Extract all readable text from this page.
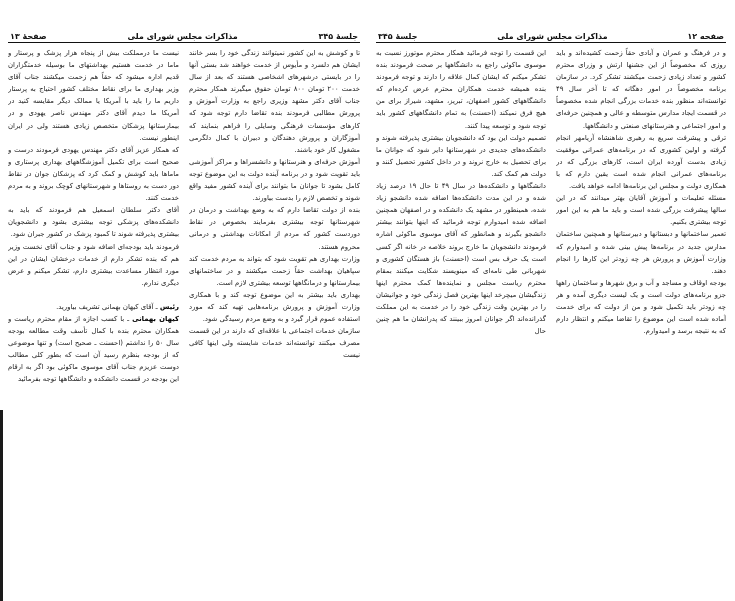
جلسهٔ ۳۴۵
مذاکرات مجلس شورای ملی
صفحهٔ ۱۳

تا و کوشش به این کشور نمیتوانند زندگی خود را بسر خانند ایشان هم دلسرد و مأیوس از خدمت خواهند شد بستی آنها را در بایستی درشهرهای اشخاصی هستند که بعد از سال خدمت ۲۰۰ تومان ۸۰۰ تومان حقوق میگیرند همکار محترم جناب آقای دکتر مشهد وزیری راجع به وزارت آموزش و پرورش مطالبی فرمودند بنده تقاضا دارم توجه شود که کارهای مؤسسات فرهنگی وسایلی را فراهم بنمایند که آموزگاران و پرورش دهندگان و دبیران با کمال دلگرمی مشغول کار خود باشند.

آموزش حرفه‌ای و هنرستانها و دانشسراها و مراکز آموزشی باید تقویت شود و در برنامه آینده دولت به این موضوع توجه کامل بشود تا جوانان ما بتوانند برای آینده کشور مفید واقع شوند و تخصص لازم را بدست بیاورند.

بنده از دولت تقاضا دارم که به وضع بهداشت و درمان در شهرستانها توجه بیشتری بفرمایند بخصوص در نقاط دوردست کشور که مردم از امکانات بهداشتی و درمانی محروم هستند.

وزارت بهداری هم تقویت شود که بتواند به مردم خدمت کند سپاهیان بهداشت حقاً زحمت میکشند و در ساختمانهای بیمارستانها و درمانگاهها توسعه بیشتری لازم است.

بهداری باید بیشتر به این موضوع توجه کند و با همکاری وزارت آموزش و پرورش برنامه‌هایی تهیه کند که مورد استفاده عموم قرار گیرد و به وضع مردم رسیدگی شود.

سازمان خدمات اجتماعی با علاقه‌ای که دارند در این قسمت مصرف میکنند توانسته‌اند خدمات شایسته ولی اینها کافی نیست

نیست ما درمملکت بیش از پنجاه هزار پزشک و پرستار و ماما در خدمت هستیم بهداشتهای ما بوسیله خدمتگزاران قدیم اداره میشود که حقاً هم زحمت میکشند جناب آقای وزیر بهداری ما برای نقاط مختلف کشور احتیاج به پرستار داریم ما را باید با آمریکا یا ممالک دیگر مقایسه کنید در آمریکا ما دیدم آقای دکتر مهندس ناصر یهودی و در بیمارستانها پزشکان متخصص زیادی هستند ولی در ایران اینطور نیست.

که همکار عزیز آقای دکتر مهندس یهودی فرمودند درست و صحیح است برای تکمیل آموزشگاههای بهداری پرستاری و ماماها باید کوشش و کمک کرد که پزشکان جوان در نقاط دور دست به روستاها و شهرستانهای کوچک بروند و به مردم خدمت کنند.

آقای دکتر سلطان اسمعیل هم فرمودند که باید به دانشکده‌های پزشکی توجه بیشتری بشود و دانشجویان بیشتری پذیرفته شوند تا کمبود پزشک در کشور جبران شود.

فرمودند باید بودجه‌ای اضافه شود و جناب آقای نخست وزیر هم که بنده تشکر دارم از خدمات درخشان ایشان در این مورد انتظار مساعدت بیشتری دارم، تشکر میکنم و عرض دیگری ندارم.

رئیس ـ آقای کیهان بهمانی تشریف بیاورید.

کیهان بهمانی ـ با کسب اجازه از مقام محترم ریاست و همکاران محترم بنده با کمال تأسف وقت مطالعه بودجه سال ۵۰ را نداشتم (احسنت ـ صحیح است) و تنها موضوعی که از بودجه بنظرم رسید آن است که بطور کلی مطالب دوست عزیزم جناب آقای موسوی ماکوئی بود اگر به ارقام این بودجه در قسمت دانشکده و دانشگاهها توجه بفرمائید

صفحه ۱۲
مذاکرات مجلس شورای ملی
جلسهٔ ۳۴۵

و در فرهنگ و عمران و آبادی حقاً زحمت کشیده‌اند و باید روزی که مخصوصاً از این جشنها ارتش و وزرای محترم کشور و تعداد زیادی زحمت میکشند تشکر کرد. در سازمان برنامه مخصوصاً در امور دهگانه که تا آخر سال ۴۹ توانسته‌اند منظور بنده خدمات بزرگی انجام شده مخصوصاً در قسمت ایجاد مدارس متوسطه و عالی و همچنین حرفه‌ای و امور اجتماعی و هنرستانهای صنعتی و دانشگاهها.

ترقی و پیشرفت سریع به رهبری شاهنشاه آریامهر انجام گرفته و اولین کشوری که در برنامه‌های عمرانی موفقیت زیادی بدست آورده ایران است، کارهای بزرگی که در برنامه‌های عمرانی انجام شده است یقین دارم که با همکاری دولت و مجلس این برنامه‌ها ادامه خواهد یافت.

مسئله تعلیمات و آموزش آقایان بهتر میدانند که در این سالها پیشرفت بزرگی شده است و باید ما هم به این امور توجه بیشتری بکنیم.

تعمیر ساختمانها و دبستانها و دبیرستانها و همچنین ساختمان مدارس جدید در برنامه‌ها پیش بینی شده و امیدوارم که وزارت آموزش و پرورش هر چه زودتر این کارها را انجام دهند.

بودجه اوقاف و مساجد و آب و برق شهرها و ساختمان راهها جزو برنامه‌های دولت است و یک لیست دیگری آمده و هر چه زودتر باید تکمیل شود و من از دولت که برای خدمت آماده شده است این موضوع را تقاضا میکنم و انتظار دارم که به نتیجه برسد و امیدوارم.

این قسمت را توجه فرمائید همکار محترم موتورز نسبت به موسوی ماکوئی راجع به دانشگاهها بر صحت فرمودند بنده تشکر میکنم که ایشان کمال علاقه را دارند و توجه فرمودند بنده همیشه خدمت همکاران محترم عرض کرده‌ام که دانشگاههای کشور اصفهان، تبریز، مشهد، شیراز برای من هیچ فرق نمیکند (احسنت) به تمام دانشگاههای کشور باید توجه شود و توسعه پیدا کنند.

تصمیم دولت این بود که دانشجویان بیشتری پذیرفته شوند و دانشکده‌های جدیدی در شهرستانها دایر شود که جوانان ما برای تحصیل به خارج نروند و در داخل کشور تحصیل کنند و دولت هم کمک کند.

دانشگاهها و دانشکده‌ها در سال ۴۹ تا حال ۱۹ درصد زیاد شده و در این مدت دانشکده‌ها اضافه شده دانشجو زیاد شده، همینطور در مشهد یک دانشکده و در اصفهان همچنین اضافه شده امیدوارم توجه فرمائید که اینها بتوانند بیشتر دانشجو بگیرند و همانطور که آقای موسوی ماکوئی اشاره فرمودند دانشجویان ما خارج بروند خلاصه در خانه اگر کسی است یک حرف بس است (احسنت) باز هستگان کشوری و شهربانی طی نامه‌ای که مینویسند شکایت میکنند بمقام محترم ریاست مجلس و نماینده‌ها کمک محترم اینها زندگیشان میچرخد اینها بهترین فصل زندگی خود و جوانیشان را در بهترین وقت زندگی خود را در خدمت به این مملکت گذرانده‌اند اگر جوانان امروز ببینند که پدرانشان ما هم چنین حال
